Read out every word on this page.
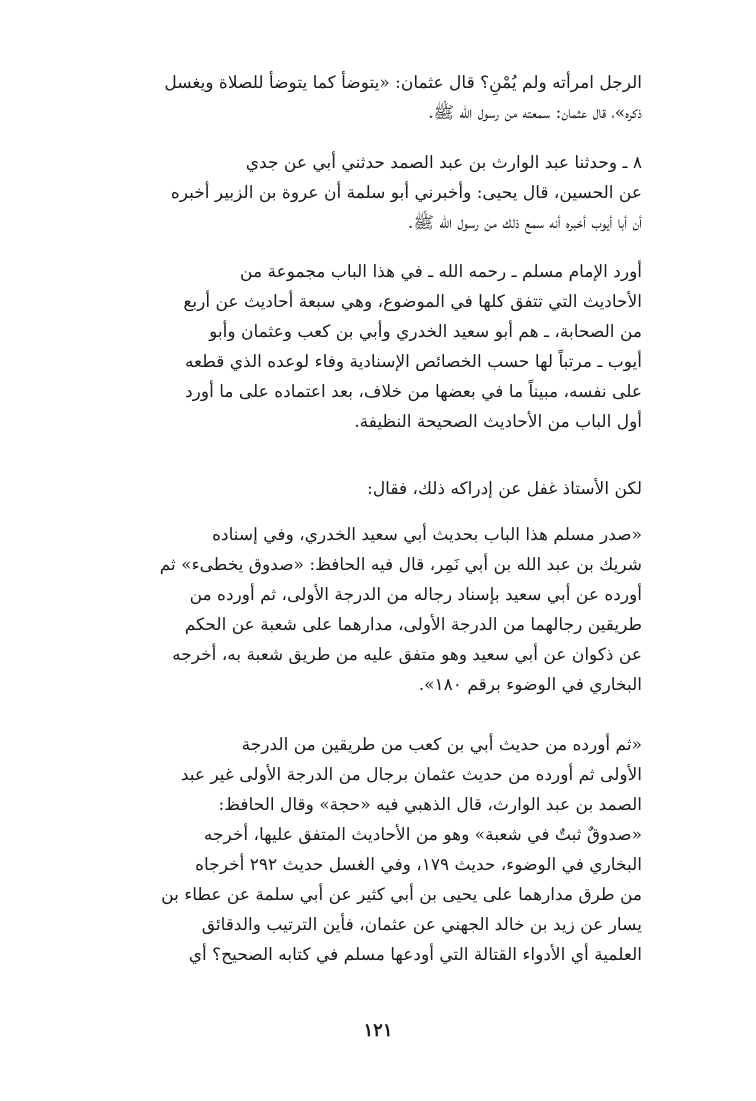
الرجل امرأته ولم يُمْنِ؟ قال عثمان: «يتوضأ كما يتوضأ للصلاة ويغسل
ذكره»، قال عثمان: سمعته من رسول الله ﷺ.
٨ ـ وحدثنا عبد الوارث بن عبد الصمد حدثني أبي عن جدي
عن الحسين، قال يحيى: وأخبرني أبو سلمة أن عروة بن الزبير أخبره
أن أبا أيوب أخبره أنه سمع ذلك من رسول الله ﷺ.
أورد الإمام مسلم ـ رحمه الله ـ في هذا الباب مجموعة من
الأحاديث التي تتفق كلها في الموضوع، وهي سبعة أحاديث عن أربع
من الصحابة، ـ هم أبو سعيد الخدري وأبي بن كعب وعثمان وأبو
أيوب ـ مرتباً لها حسب الخصائص الإسنادية وفاء لوعده الذي قطعه
على نفسه، مبيناً ما في بعضها من خلاف، بعد اعتماده على ما أورد
أول الباب من الأحاديث الصحيحة النظيفة.
لكن الأستاذ غفل عن إدراكه ذلك، فقال:
«صدر مسلم هذا الباب بحديث أبي سعيد الخدري، وفي إسناده
شريك بن عبد الله بن أبي نَمِر، قال فيه الحافظ: «صدوق يخطىء» ثم
أورده عن أبي سعيد بإسناد رجاله من الدرجة الأولى، ثم أورده من
طريقين رجالهما من الدرجة الأولى، مدارهما على شعبة عن الحكم
عن ذكوان عن أبي سعيد وهو متفق عليه من طريق شعبة به، أخرجه
البخاري في الوضوء برقم ١٨٠».
«ثم أورده من حديث أبي بن كعب من طريقين من الدرجة
الأولى ثم أورده من حديث عثمان برجال من الدرجة الأولى غير عبد
الصمد بن عبد الوارث، قال الذهبي فيه «حجة» وقال الحافظ:
«صدوقٌ ثبتٌ في شعبة» وهو من الأحاديث المتفق عليها، أخرجه
البخاري في الوضوء، حديث ١٧٩، وفي الغسل حديث ٢٩٢ أخرجاه
من طرق مدارهما على يحيى بن أبي كثير عن أبي سلمة عن عطاء بن
يسار عن زيد بن خالد الجهني عن عثمان، فأين الترتيب والدقائق
العلمية أي الأدواء القتالة التي أودعها مسلم في كتابه الصحيح؟ أي
١٢١
